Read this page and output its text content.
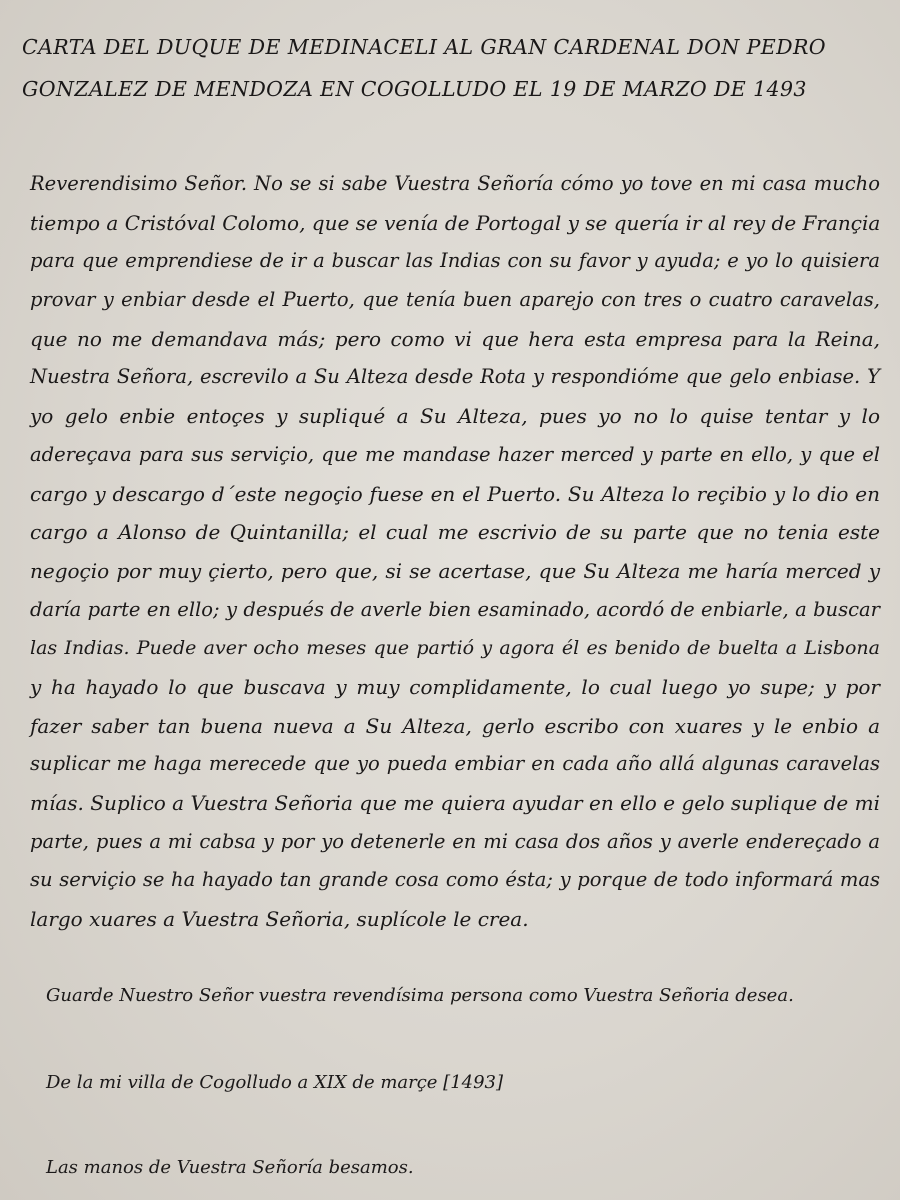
CARTA DEL DUQUE DE MEDINACELI AL GRAN CARDENAL DON PEDRO
GONZALEZ DE MENDOZA EN COGOLLUDO EL 19 DE MARZO DE 1493
Reverendisimo Señor. No se si sabe Vuestra Señoría cómo yo tove en mi casa mucho
tiempo a Cristóval Colomo, que se venía de Portogal y se quería ir al rey de Françia
para que emprendiese de ir a buscar las Indias con su favor y ayuda; e yo lo quisiera
provar y enbiar desde el Puerto, que tenía buen aparejo con tres o cuatro caravelas,
que no me demandava más; pero como vi que hera esta empresa para la Reina,
Nuestra Señora, escrevilo a Su Alteza desde Rota y respondióme que gelo enbiase. Y
yo gelo enbie entoçes y supliqué a Su Alteza, pues yo no lo quise tentar y lo
adereçava para sus serviçio, que me mandase hazer merced y parte en ello, y que el
cargo y descargo d´este negoçio fuese en el Puerto. Su Alteza lo reçibio y lo dio en
cargo a Alonso de Quintanilla; el cual me escrivio de su parte que no tenia este
negoçio por muy çierto, pero que, si se acertase, que Su Alteza me haría merced y
daría parte en ello; y después de averle bien esaminado, acordó de enbiarle, a buscar
las Indias. Puede aver ocho meses que partió y agora él es benido de buelta a Lisbona
y ha hayado lo que buscava y muy complidamente, lo cual luego yo supe; y por
fazer saber tan buena nueva a Su Alteza, gerlo escribo con xuares y le enbio a
suplicar me haga merecede que yo pueda embiar en cada año allá algunas caravelas
mías. Suplico a Vuestra Señoria que me quiera ayudar en ello e gelo suplique de mi
parte, pues a mi cabsa y por yo detenerle en mi casa dos años y averle endereçado a
su serviçio se ha hayado tan grande cosa como ésta; y porque de todo informará mas
largo xuares a Vuestra Señoria, suplícole le crea.
Guarde Nuestro Señor vuestra revendísima persona como Vuestra Señoria desea.
De la mi villa de Cogolludo a XIX de marçe [1493]
Las manos de Vuestra Señoría besamos.
